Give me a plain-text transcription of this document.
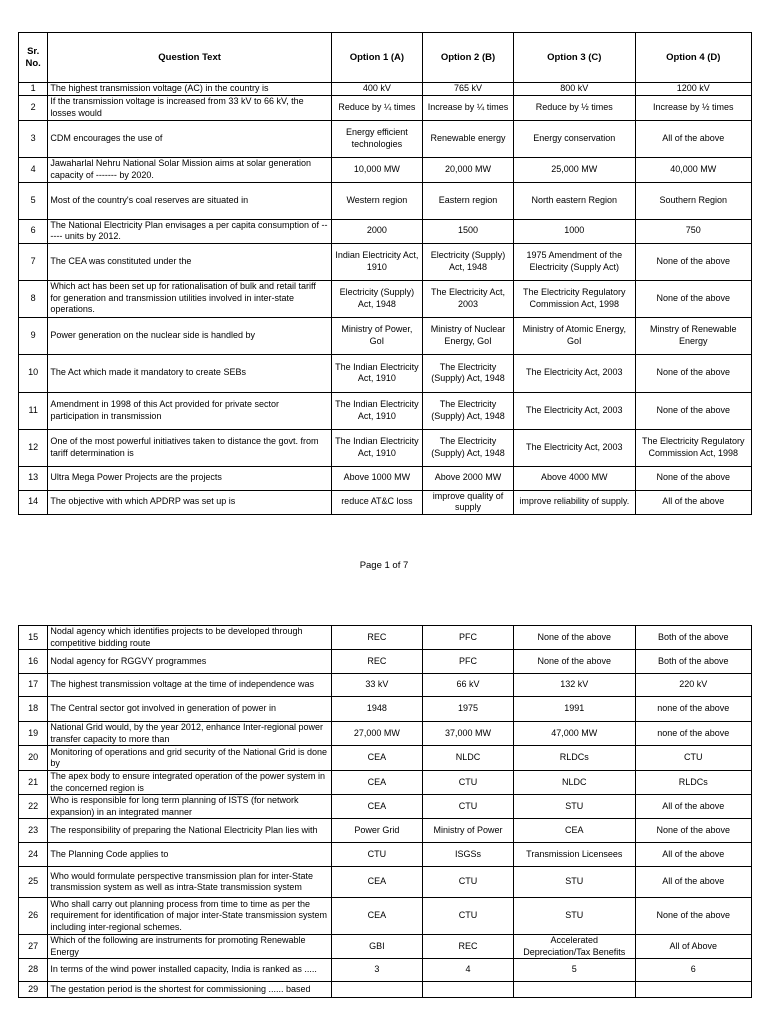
Sr. No.	Question Text	Option 1 (A)	Option 2 (B)	Option 3 (C)	Option 4 (D)
1	The highest transmission voltage (AC) in the country is	400 kV	765 kV	800 kV	1200 kV
2	If the transmission voltage is increased from 33 kV to 66 kV, the losses would	Reduce by ¼ times	Increase by ¼ times	Reduce by ½ times	Increase by ½ times
3	CDM encourages the use of	Energy efficient technologies	Renewable energy	Energy conservation	All of the above
4	Jawaharlal Nehru National Solar Mission aims at solar generation capacity of ------- by 2020.	10,000 MW	20,000 MW	25,000 MW	40,000 MW
5	Most of the country's coal reserves are situated in	Western region	Eastern region	North eastern Region	Southern Region
6	The National Electricity Plan envisages a per capita consumption of ------ units by 2012.	2000	1500	1000	750
7	The CEA was constituted under the	Indian Electricity Act, 1910	Electricity (Supply) Act, 1948	1975 Amendment of the Electricity (Supply Act)	None of the above
8	Which act has been set up for rationalisation of bulk and retail tariff for generation and transmission utilities involved in inter-state operations.	Electricity (Supply) Act, 1948	The Electricity Act, 2003	The Electricity Regulatory Commission Act, 1998	None of the above
9	Power generation on the nuclear side is handled by	Ministry of Power, GoI	Ministry of Nuclear Energy, GoI	Ministry of Atomic Energy, GoI	Minstry of Renewable Energy
10	The Act which made it mandatory to create SEBs	The Indian Electricity Act, 1910	The Electricity (Supply) Act, 1948	The Electricity Act, 2003	None of the above
11	Amendment in 1998 of this Act provided for private sector participation in transmission	The Indian Electricity Act, 1910	The Electricity (Supply) Act, 1948	The Electricity Act, 2003	None of the above
12	One of the most powerful initiatives taken to distance the govt. from tariff determination is	The Indian Electricity Act, 1910	The Electricity (Supply) Act, 1948	The Electricity Act, 2003	The Electricity Regulatory Commission Act, 1998
13	Ultra Mega Power Projects are the projects	Above 1000 MW	Above 2000 MW	Above 4000 MW	None of the above
14	The objective with which APDRP was set up is	reduce AT&C loss	improve quality of supply	improve reliability of supply.	All of the above
Page 1 of 7
15	Nodal agency which identifies projects to be developed through competitive bidding route	REC	PFC	None of the above	Both of the above
16	Nodal agency for RGGVY programmes	REC	PFC	None of the above	Both of the above
17	The highest transmission voltage at the time of independence was	33 kV	66 kV	132 kV	220 kV
18	The Central sector got involved in generation of power in	1948	1975	1991	none of the above
19	National Grid would, by the year 2012, enhance Inter-regional power transfer capacity to more than	27,000 MW	37,000 MW	47,000 MW	none of the above
20	Monitoring of operations and grid security of the National Grid is done by	CEA	NLDC	RLDCs	CTU
21	The apex body to ensure integrated operation of the power system in the concerned region is	CEA	CTU	NLDC	RLDCs
22	Who is responsible for long term planning of ISTS (for network expansion) in an integrated manner	CEA	CTU	STU	All of the above
23	The responsibility of preparing the National Electricity Plan lies with	Power Grid	Ministry of Power	CEA	None of the above
24	The Planning Code applies to	CTU	ISGSs	Transmission Licensees	All of the above
25	Who would formulate perspective transmission plan for inter-State transmission system as well as intra-State transmission system	CEA	CTU	STU	All of the above
26	Who shall carry out planning process from time to time as per the requirement for identification of major inter-State transmission system including inter-regional schemes.	CEA	CTU	STU	None of the above
27	Which of the following are instruments for promoting Renewable Energy	GBI	REC	Accelerated Depreciation/Tax Benefits	All of Above
28	In terms of the wind power installed capacity, India is ranked as .....	3	4	5	6
29	The gestation period is the shortest for commissioning ...... based				
